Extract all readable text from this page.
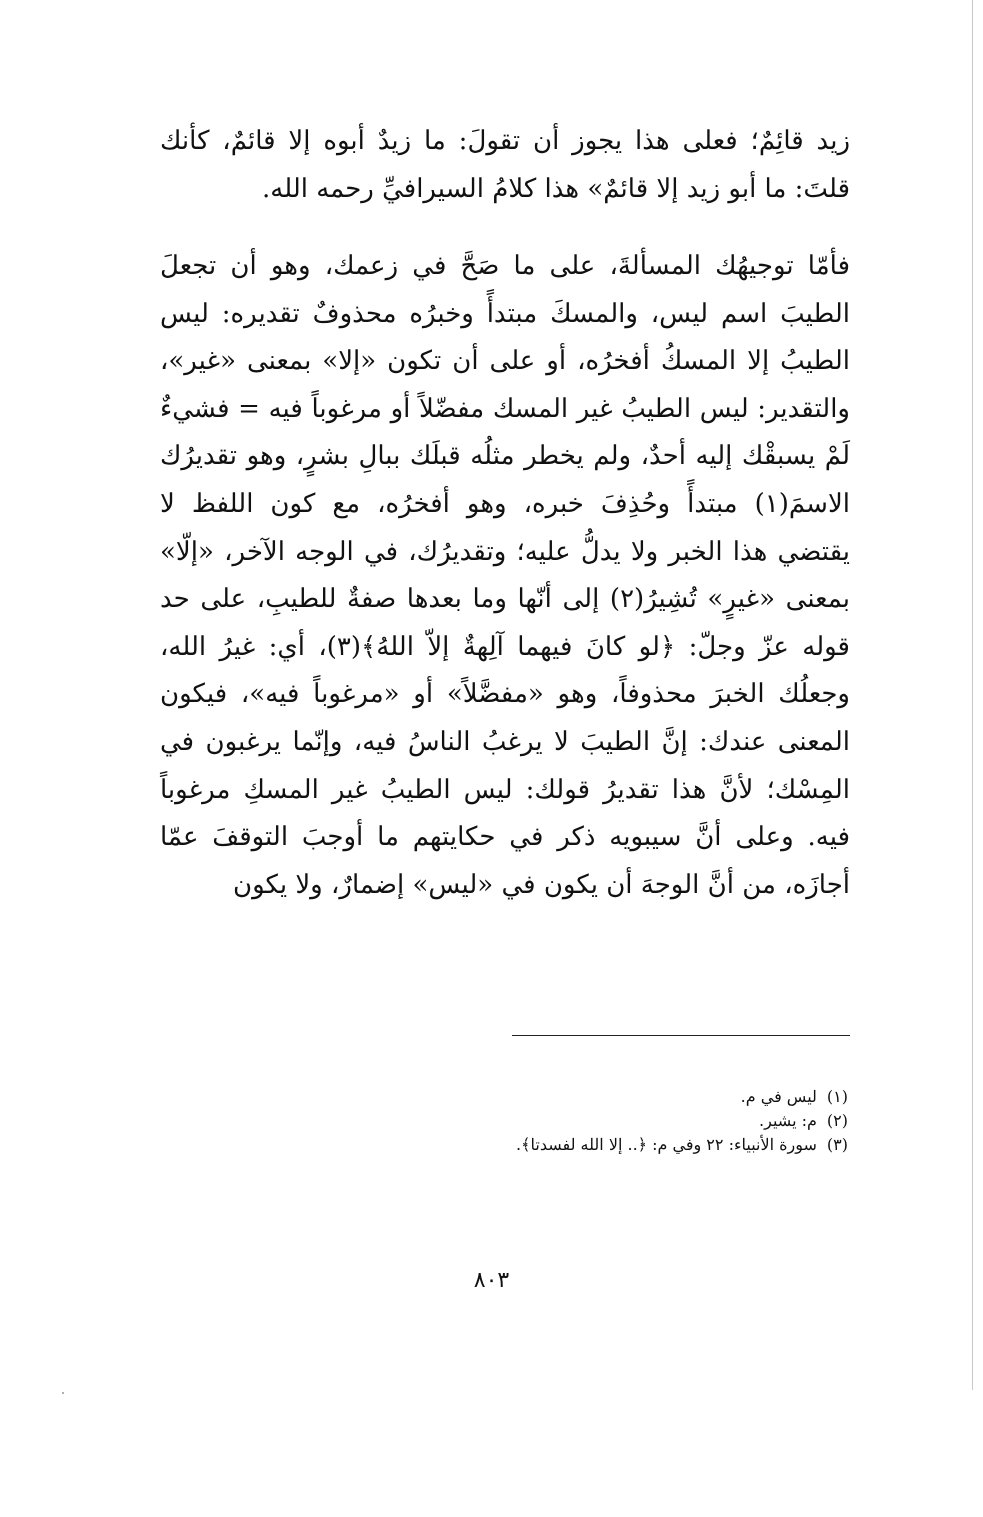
زيد قائِمٌ؛ فعلى هذا يجوز أن تقولَ: ما زيدٌ أبوه إلا قائمٌ، كأنك قلتَ: ما أبو زيد إلا قائمٌ» هذا كلامُ السيرافيِّ رحمه الله.

فأمّا توجيهُك المسألةَ، على ما صَحَّ في زعمك، وهو أن تجعلَ الطيبَ اسم ليس، والمسكَ مبتدأً وخبرُه محذوفٌ تقديره: ليس الطيبُ إلا المسكُ أفخرُه، أو على أن تكون «إلا» بمعنى «غير»، والتقدير: ليس الطيبُ غير المسك مفضّلاً أو مرغوباً فيه = فشيءٌ لَمْ يسبقْك إليه أحدٌ، ولم يخطر مثلُه قبلَك ببالِ بشرٍ، وهو تقديرُك الاسمَ(١) مبتدأً وحُذِفَ خبره، وهو أفخرُه، مع كون اللفظ لا يقتضي هذا الخبر ولا يدلُّ عليه؛ وتقديرُك، في الوجه الآخر، «إلّا» بمعنى «غيرٍ» تُشِيرُ(٢) إلى أنّها وما بعدها صفةٌ للطيبِ، على حد قوله عزّ وجلّ: ﴿لو كانَ فيهما آلِهةٌ إلاّ اللهُ﴾(٣)، أي: غيرُ الله، وجعلُك الخبرَ محذوفاً، وهو «مفضَّلاً» أو «مرغوباً فيه»، فيكون المعنى عندك: إنَّ الطيبَ لا يرغبُ الناسُ فيه، وإنّما يرغبون في المِسْك؛ لأنَّ هذا تقديرُ قولك: ليس الطيبُ غير المسكِ مرغوباً فيه. وعلى أنَّ سيبويه ذكر في حكايتهم ما أوجبَ التوقفَ عمّا أجازَه، من أنَّ الوجهَ أن يكون في «ليس» إضمارٌ، ولا يكون

(١)
ليس في م.
(٢)
م: يشير.
(٣)
سورة الأنبياء: ٢٢ وفي م: ﴿.. إلا الله لفسدتا﴾.
٨٠٣
